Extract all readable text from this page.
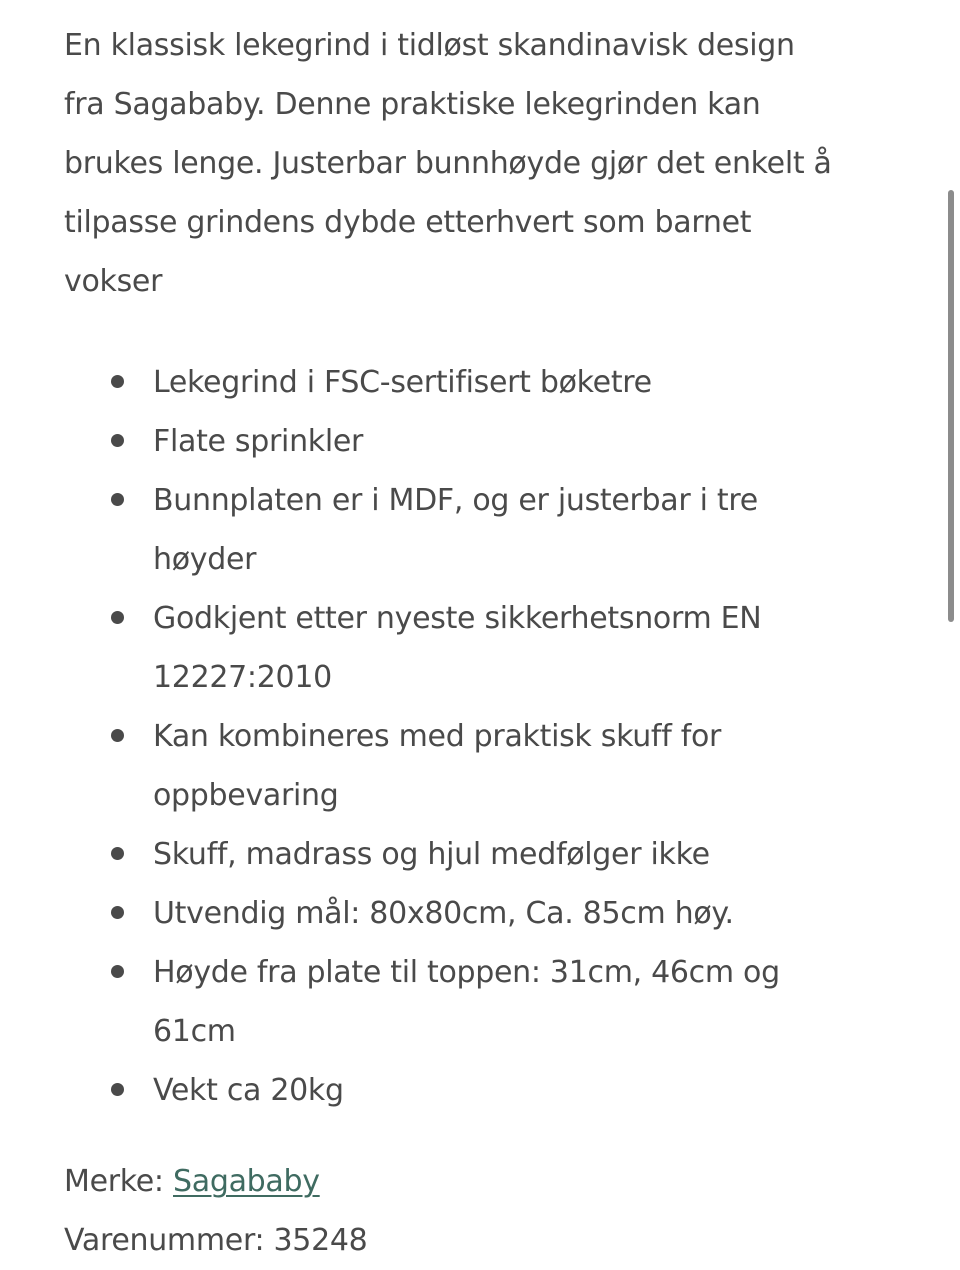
En klassisk lekegrind i tidløst skandinavisk design fra Sagababy. Denne praktiske lekegrinden kan brukes lenge. Justerbar bunnhøyde gjør det enkelt å tilpasse grindens dybde etterhvert som barnet vokser

Lekegrind i FSC-sertifisert bøketre
Flate sprinkler
Bunnplaten er i MDF, og er justerbar i tre høyder
Godkjent etter nyeste sikkerhetsnorm EN 12227:2010
Kan kombineres med praktisk skuff for oppbevaring
Skuff, madrass og hjul medfølger ikke
Utvendig mål: 80x80cm, Ca. 85cm høy.
Høyde fra plate til toppen: 31cm, 46cm og 61cm
Vekt ca 20kg
Merke: Sagababy
Varenummer: 35248
